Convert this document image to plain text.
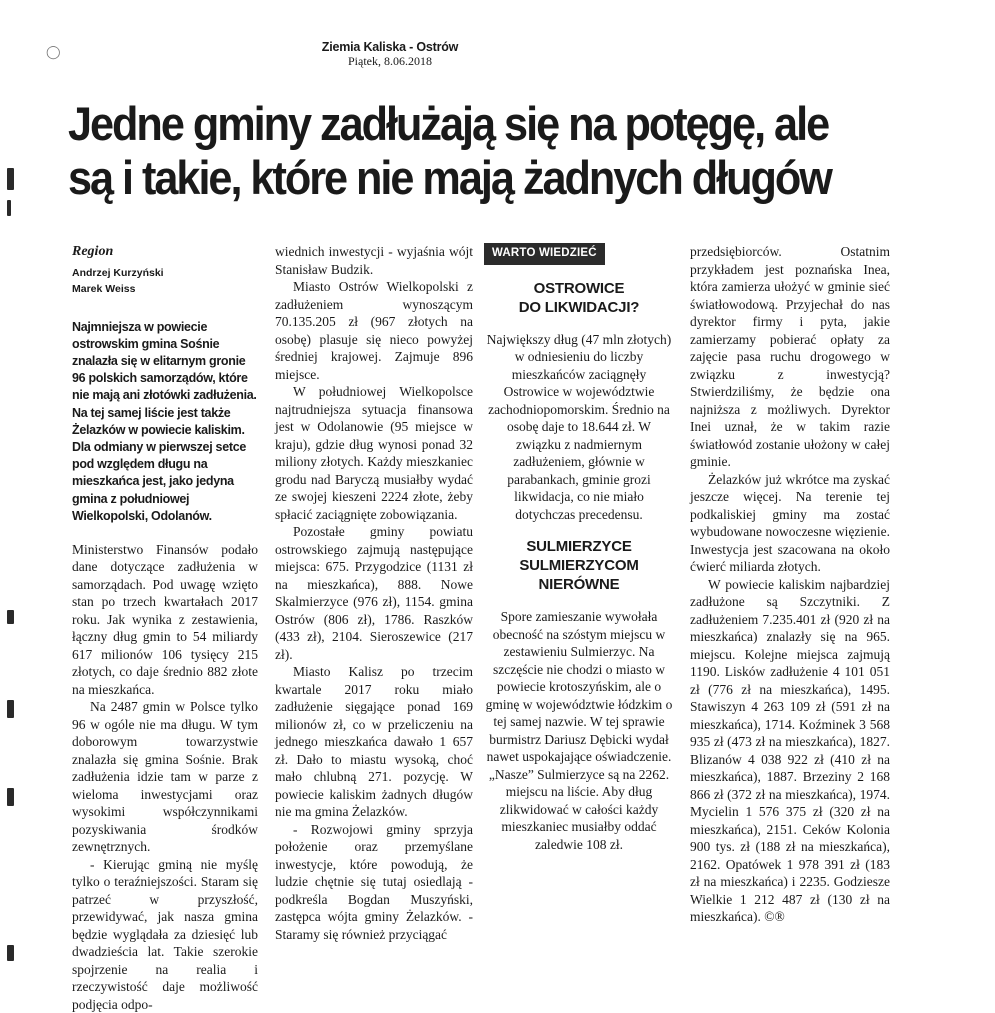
◯	Ziemia Kaliska - Ostrów
Piątek, 8.06.2018
Jedne gminy zadłużają się na potęgę, ale
są i takie, które nie mają żadnych długów
Region
Andrzej Kurzyński
Marek Weiss
Najmniejsza w powiecie ostrowskim gmina Sośnie znalazła się w elitarnym gronie 96 polskich samorządów, które nie mają ani złotówki zadłużenia. Na tej samej liście jest także Żelazków w powiecie kaliskim. Dla odmiany w pierwszej setce pod względem długu na mieszkańca jest, jako jedyna gmina z południowej Wielkopolski, Odolanów.

Ministerstwo Finansów podało dane dotyczące zadłużenia w samorządach. Pod uwagę wzięto stan po trzech kwartałach 2017 roku. Jak wynika z zestawienia, łączny dług gmin to 54 miliardy 617 milionów 106 tysięcy 215 złotych, co daje średnio 882 złote na mieszkańca.

Na 2487 gmin w Polsce tylko 96 w ogóle nie ma długu. W tym doborowym towarzystwie znalazła się gmina Sośnie. Brak zadłużenia idzie tam w parze z wieloma inwestycjami oraz wysokimi współczynnikami pozyskiwania środków zewnętrznych.

- Kierując gminą nie myślę tylko o teraźniejszości. Staram się patrzeć w przyszłość, przewidywać, jak nasza gmina będzie wyglądała za dziesięć lub dwadzieścia lat. Takie szerokie spojrzenie na realia i rzeczywistość daje możliwość podjęcia odpo-

wiednich inwestycji - wyjaśnia wójt Stanisław Budzik.

Miasto Ostrów Wielkopolski z zadłużeniem wynoszącym 70.135.205 zł (967 złotych na osobę) plasuje się nieco powyżej średniej krajowej. Zajmuje 896 miejsce.

W południowej Wielkopolsce najtrudniejsza sytuacja finansowa jest w Odolanowie (95 miejsce w kraju), gdzie dług wynosi ponad 32 miliony złotych. Każdy mieszkaniec grodu nad Baryczą musiałby wydać ze swojej kieszeni 2224 złote, żeby spłacić zaciągnięte zobowiązania.

Pozostałe gminy powiatu ostrowskiego zajmują następujące miejsca: 675. Przygodzice (1131 zł na mieszkańca), 888. Nowe Skalmierzyce (976 zł), 1154. gmina Ostrów (806 zł), 1786. Raszków (433 zł), 2104. Sieroszewice (217 zł).

Miasto Kalisz po trzecim kwartale 2017 roku miało zadłużenie sięgające ponad 169 milionów zł, co w przeliczeniu na jednego mieszkańca dawało 1 657 zł. Dało to miastu wysoką, choć mało chlubną 271. pozycję. W powiecie kaliskim żadnych długów nie ma gmina Żelazków.

- Rozwojowi gminy sprzyja położenie oraz przemyślane inwestycje, które powodują, że ludzie chętnie się tutaj osiedlają - podkreśla Bogdan Muszyński, zastępca wójta gminy Żelazków. - Staramy się również przyciągać

WARTO WIEDZIEĆ
OSTROWICE
DO LIKWIDACJI?

Największy dług (47 mln złotych) w odniesieniu do liczby mieszkańców zaciągnęły Ostrowice w województwie zachodniopomorskim. Średnio na osobę daje to 18.644 zł. W związku z nadmiernym zadłużeniem, głównie w parabankach, gminie grozi likwidacja, co nie miało dotychczas precedensu.

SULMIERZYCE
SULMIERZYCOM
NIERÓWNE

Spore zamieszanie wywołała obecność na szóstym miejscu w zestawieniu Sulmierzyc. Na szczęście nie chodzi o miasto w powiecie krotoszyńskim, ale o gminę w województwie łódzkim o tej samej nazwie. W tej sprawie burmistrz Dariusz Dębicki wydał nawet uspokajające oświadczenie. „Nasze” Sulmierzyce są na 2262. miejscu na liście. Aby dług zlikwidować w całości każdy mieszkaniec musiałby oddać zaledwie 108 zł.

przedsiębiorców. Ostatnim przykładem jest poznańska Inea, która zamierza ułożyć w gminie sieć światłowodową. Przyjechał do nas dyrektor firmy i pyta, jakie zamierzamy pobierać opłaty za zajęcie pasa ruchu drogowego w związku z inwestycją? Stwierdziliśmy, że będzie ona najniższa z możliwych. Dyrektor Inei uznał, że w takim razie światłowód zostanie ułożony w całej gminie.

Żelazków już wkrótce ma zyskać jeszcze więcej. Na terenie tej podkaliskiej gminy ma zostać wybudowane nowoczesne więzienie. Inwestycja jest szacowana na około ćwierć miliarda złotych.

W powiecie kaliskim najbardziej zadłużone są Szczytniki. Z zadłużeniem 7.235.401 zł (920 zł na mieszkańca) znalazły się na 965. miejscu. Kolejne miejsca zajmują 1190. Lisków zadłużenie 4 101 051 zł (776 zł na mieszkańca), 1495. Stawiszyn 4 263 109 zł (591 zł na mieszkańca), 1714. Koźminek 3 568 935 zł (473 zł na mieszkańca), 1827. Blizanów 4 038 922 zł (410 zł na mieszkańca), 1887. Brzeziny 2 168 866 zł (372 zł na mieszkańca), 1974. Mycielin 1 576 375 zł (320 zł na mieszkańca), 2151. Ceków Kolonia 900 tys. zł (188 zł na mieszkańca), 2162. Opatówek 1 978 391 zł (183 zł na mieszkańca) i 2235. Godziesze Wielkie 1 212 487 zł (130 zł na mieszkańca). ©®
